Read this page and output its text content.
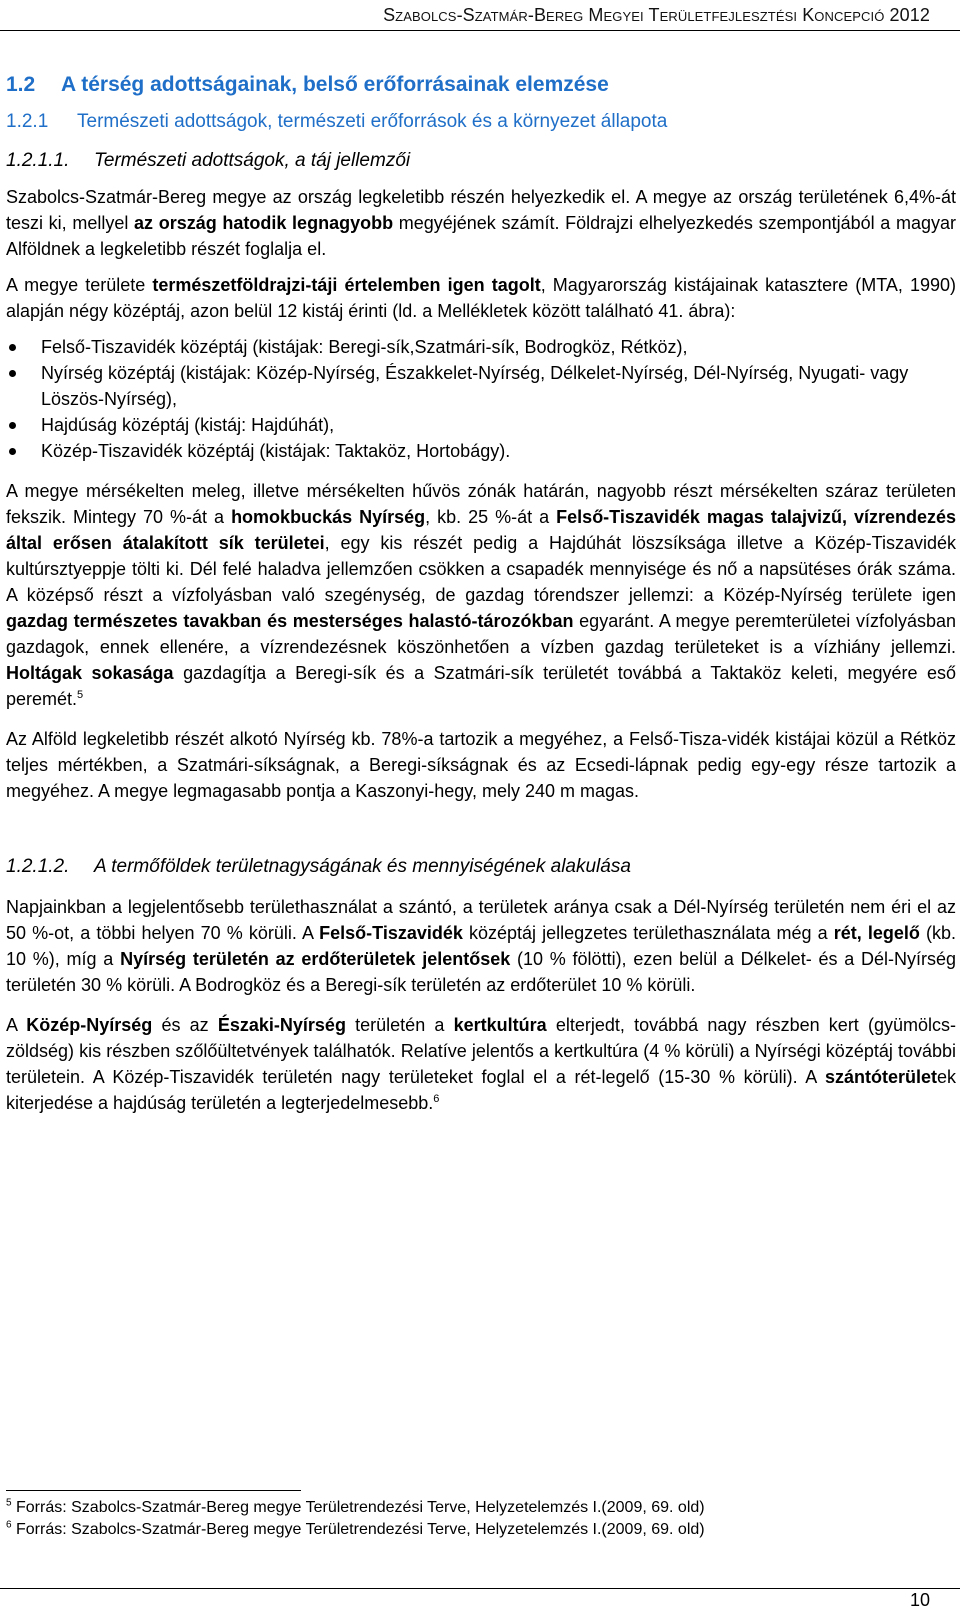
Szabolcs-Szatmár-Bereg Megyei Területfejlesztési Koncepció 2012
1.2 A térség adottságainak, belső erőforrásainak elemzése
1.2.1 Természeti adottságok, természeti erőforrások és a környezet állapota
1.2.1.1. Természeti adottságok, a táj jellemzői

Szabolcs-Szatmár-Bereg megye az ország legkeletibb részén helyezkedik el. A megye az ország területének 6,4%-át teszi ki, mellyel az ország hatodik legnagyobb megyéjének számít. Földrajzi elhelyezkedés szempontjából a magyar Alföldnek a legkeletibb részét foglalja el.

A megye területe természetföldrajzi-táji értelemben igen tagolt, Magyarország kistájainak katasztere (MTA, 1990) alapján négy középtáj, azon belül 12 kistáj érinti (ld. a Mellékletek között található 41. ábra):

Felső-Tiszavidék középtáj (kistájak: Beregi-sík,Szatmári-sík, Bodrogköz, Rétköz),
Nyírség középtáj (kistájak: Közép-Nyírség, Északkelet-Nyírség, Délkelet-Nyírség, Dél-Nyírség, Nyugati- vagy Löszös-Nyírség),
Hajdúság középtáj (kistáj: Hajdúhát),
Közép-Tiszavidék középtáj (kistájak: Taktaköz, Hortobágy).

A megye mérsékelten meleg, illetve mérsékelten hűvös zónák határán, nagyobb részt mérsékelten száraz területen fekszik. Mintegy 70 %-át a homokbuckás Nyírség, kb. 25 %-át a Felső-Tiszavidék magas talajvizű, vízrendezés által erősen átalakított sík területei, egy kis részét pedig a Hajdúhát löszsíksága illetve a Közép-Tiszavidék kultúrsztyeppje tölti ki. Dél felé haladva jellemzően csökken a csapadék mennyisége és nő a napsütéses órák száma. A középső részt a vízfolyásban való szegénység, de gazdag tórendszer jellemzi: a Közép-Nyírség területe igen gazdag természetes tavakban és mesterséges halastó-tározókban egyaránt. A megye peremterületei vízfolyásban gazdagok, ennek ellenére, a vízrendezésnek köszönhetően a vízben gazdag területeket is a vízhiány jellemzi. Holtágak sokasága gazdagítja a Beregi-sík és a Szatmári-sík területét továbbá a Taktaköz keleti, megyére eső peremét.$^5$

Az Alföld legkeletibb részét alkotó Nyírség kb. 78%-a tartozik a megyéhez, a Felső-Tisza-vidék kistájai közül a Rétköz teljes mértékben, a Szatmári-síkságnak, a Beregi-síkságnak és az Ecsedi-lápnak pedig egy-egy része tartozik a megyéhez. A megye legmagasabb pontja a Kaszonyi-hegy, mely 240 m magas.

1.2.1.2. A termőföldek területnagyságának és mennyiségének alakulása

Napjainkban a legjelentősebb területhasználat a szántó, a területek aránya csak a Dél-Nyírség területén nem éri el az 50 %-ot, a többi helyen 70 % körüli. A Felső-Tiszavidék középtáj jellegzetes területhasználata még a rét, legelő (kb. 10 %), míg a Nyírség területén az erdőterületek jelentősek (10 % fölötti), ezen belül a Délkelet- és a Dél-Nyírség területén 30 % körüli. A Bodrogköz és a Beregi-sík területén az erdőterület 10 % körüli.

A Közép-Nyírség és az Északi-Nyírség területén a kertkultúra elterjedt, továbbá nagy részben kert (gyümölcs-zöldség) kis részben szőlőültetvények találhatók. Relatíve jelentős a kertkultúra (4 % körüli) a Nyírségi középtáj további területein. A Közép-Tiszavidék területén nagy területeket foglal el a rét-legelő (15-30 % körüli). A szántóterületek kiterjedése a hajdúság területén a legterjedelmesebb.$^6$

$^5$ Forrás: Szabolcs-Szatmár-Bereg megye Területrendezési Terve, Helyzetelemzés I.(2009, 69. old)
$^6$ Forrás: Szabolcs-Szatmár-Bereg megye Területrendezési Terve, Helyzetelemzés I.(2009, 69. old)
10
